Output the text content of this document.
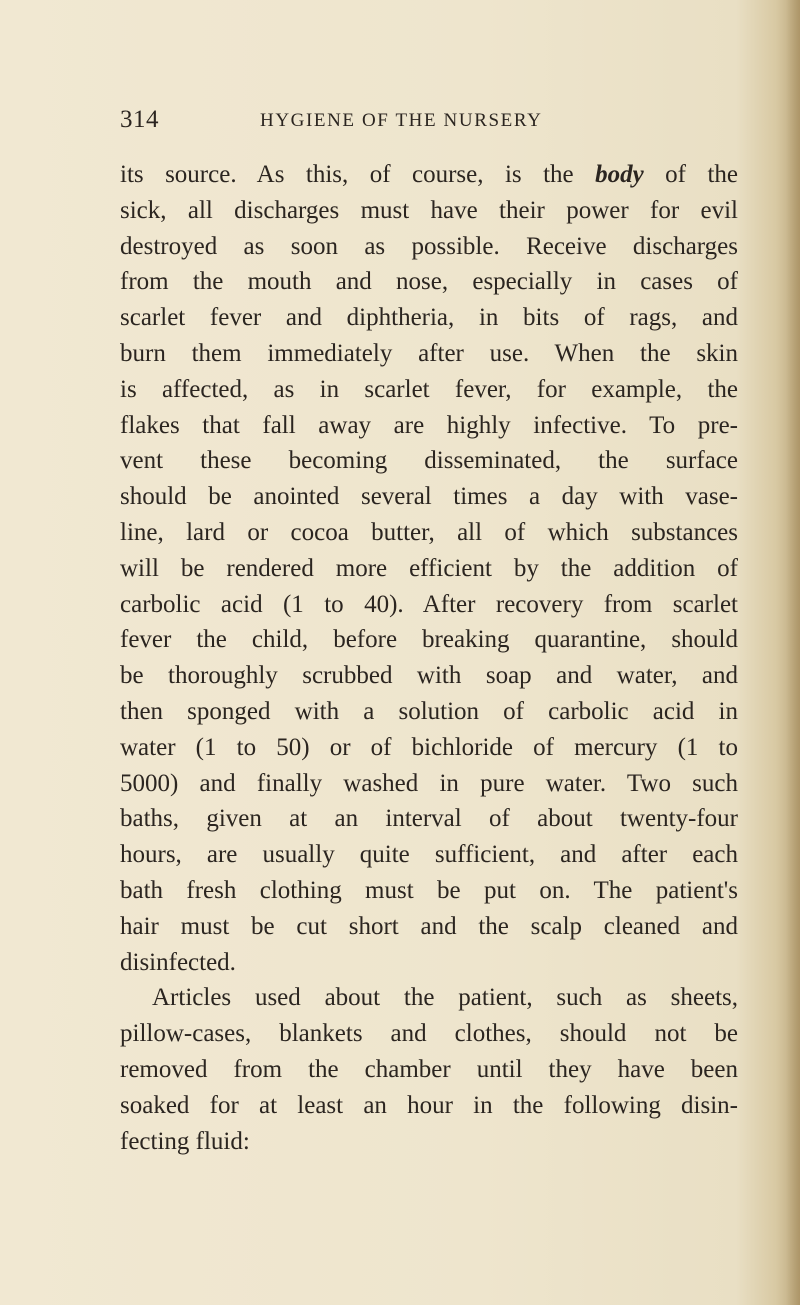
314	HYGIENE OF THE NURSERY
its source. As this, of course, is the body of the
sick, all discharges must have their power for evil
destroyed as soon as possible. Receive discharges
from the mouth and nose, especially in cases of
scarlet fever and diphtheria, in bits of rags, and
burn them immediately after use. When the skin
is affected, as in scarlet fever, for example, the
flakes that fall away are highly infective. To pre-
vent these becoming disseminated, the surface
should be anointed several times a day with vase-
line, lard or cocoa butter, all of which substances
will be rendered more efficient by the addition of
carbolic acid (1 to 40). After recovery from scarlet
fever the child, before breaking quarantine, should
be thoroughly scrubbed with soap and water, and
then sponged with a solution of carbolic acid in
water (1 to 50) or of bichloride of mercury (1 to
5000) and finally washed in pure water. Two such
baths, given at an interval of about twenty-four
hours, are usually quite sufficient, and after each
bath fresh clothing must be put on. The patient's
hair must be cut short and the scalp cleaned and
disinfected.
Articles used about the patient, such as sheets,
pillow-cases, blankets and clothes, should not be
removed from the chamber until they have been
soaked for at least an hour in the following disin-
fecting fluid:
